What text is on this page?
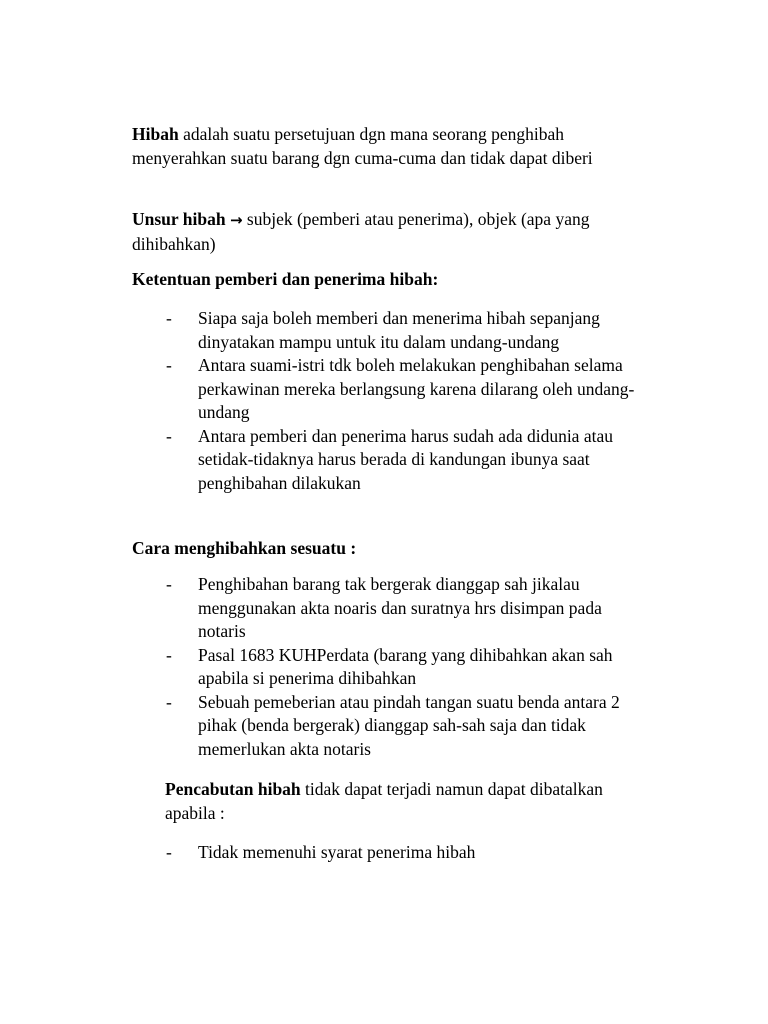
Hibah adalah suatu persetujuan dgn mana seorang penghibah menyerahkan suatu barang dgn cuma-cuma dan tidak dapat diberi

Unsur hibah → subjek (pemberi atau penerima), objek (apa yang dihibahkan)

Ketentuan pemberi dan penerima hibah:

- Siapa saja boleh memberi dan menerima hibah sepanjang dinyatakan mampu untuk itu dalam undang-undang
- Antara suami-istri tdk boleh melakukan penghibahan selama perkawinan mereka berlangsung karena dilarang oleh undang-undang
- Antara pemberi dan penerima harus sudah ada didunia atau setidak-tidaknya harus berada di kandungan ibunya saat penghibahan dilakukan

Cara menghibahkan sesuatu :

- Penghibahan barang tak bergerak dianggap sah jikalau menggunakan akta noaris dan suratnya hrs disimpan pada notaris
- Pasal 1683 KUHPerdata (barang yang dihibahkan akan sah apabila si penerima dihibahkan
- Sebuah pemeberian atau pindah tangan suatu benda antara 2 pihak (benda bergerak) dianggap sah-sah saja dan tidak memerlukan akta notaris

Pencabutan hibah tidak dapat terjadi namun dapat dibatalkan apabila :

- Tidak memenuhi syarat penerima hibah
